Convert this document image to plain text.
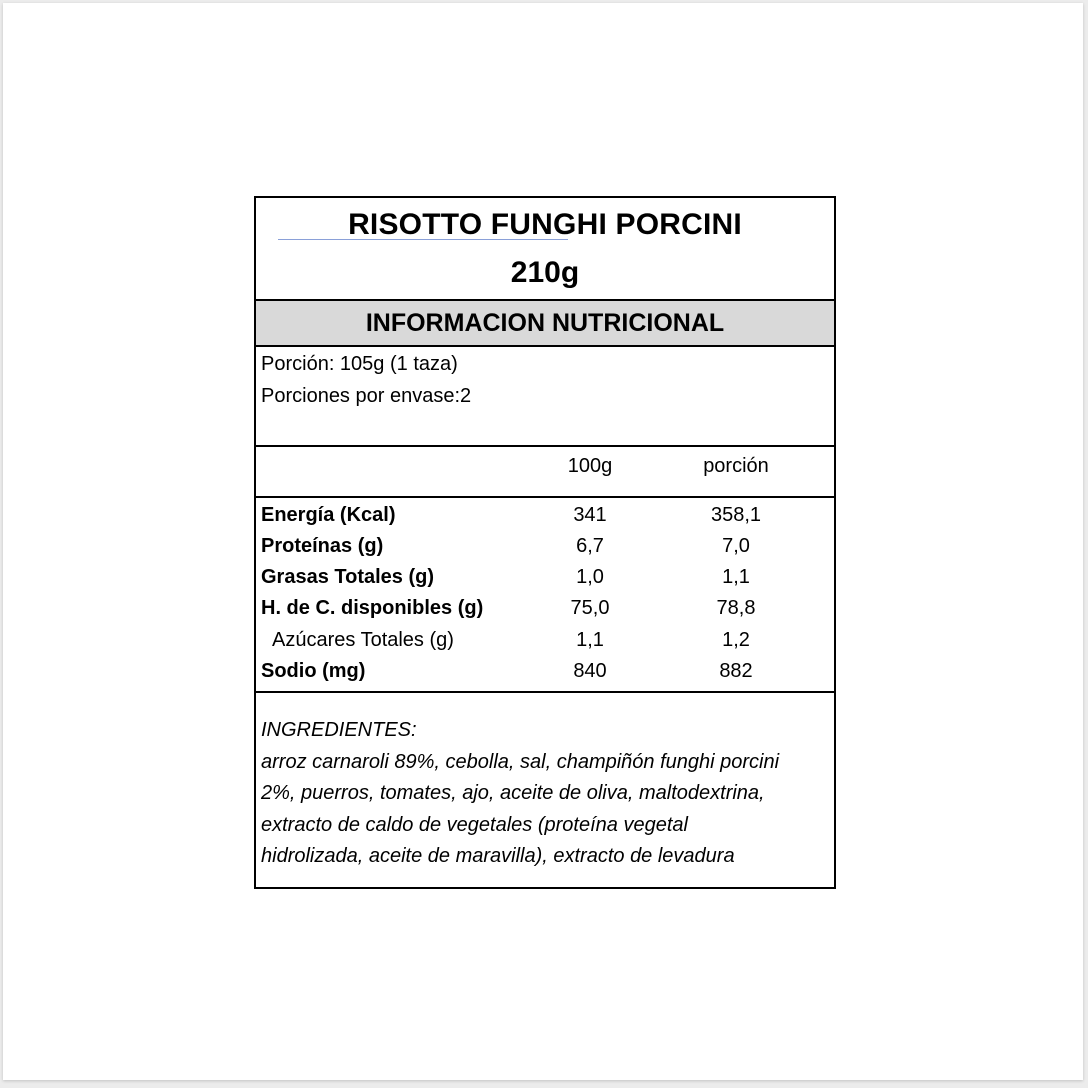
RISOTTO FUNGHI PORCINI
210g
INFORMACION NUTRICIONAL
Porción: 105g (1 taza)
Porciones por envase:2
100g	porción
Energía (Kcal)	341	358,1
Proteínas (g)	6,7	7,0
Grasas Totales (g)	1,0	1,1
H. de C. disponibles (g)	75,0	78,8
Azúcares Totales (g)	1,1	1,2
Sodio (mg)	840	882
INGREDIENTES:
arroz carnaroli 89%, cebolla, sal, champiñón funghi porcini
2%, puerros, tomates, ajo, aceite de oliva, maltodextrina,
extracto de caldo de vegetales (proteína vegetal
hidrolizada, aceite de maravilla), extracto de levadura
